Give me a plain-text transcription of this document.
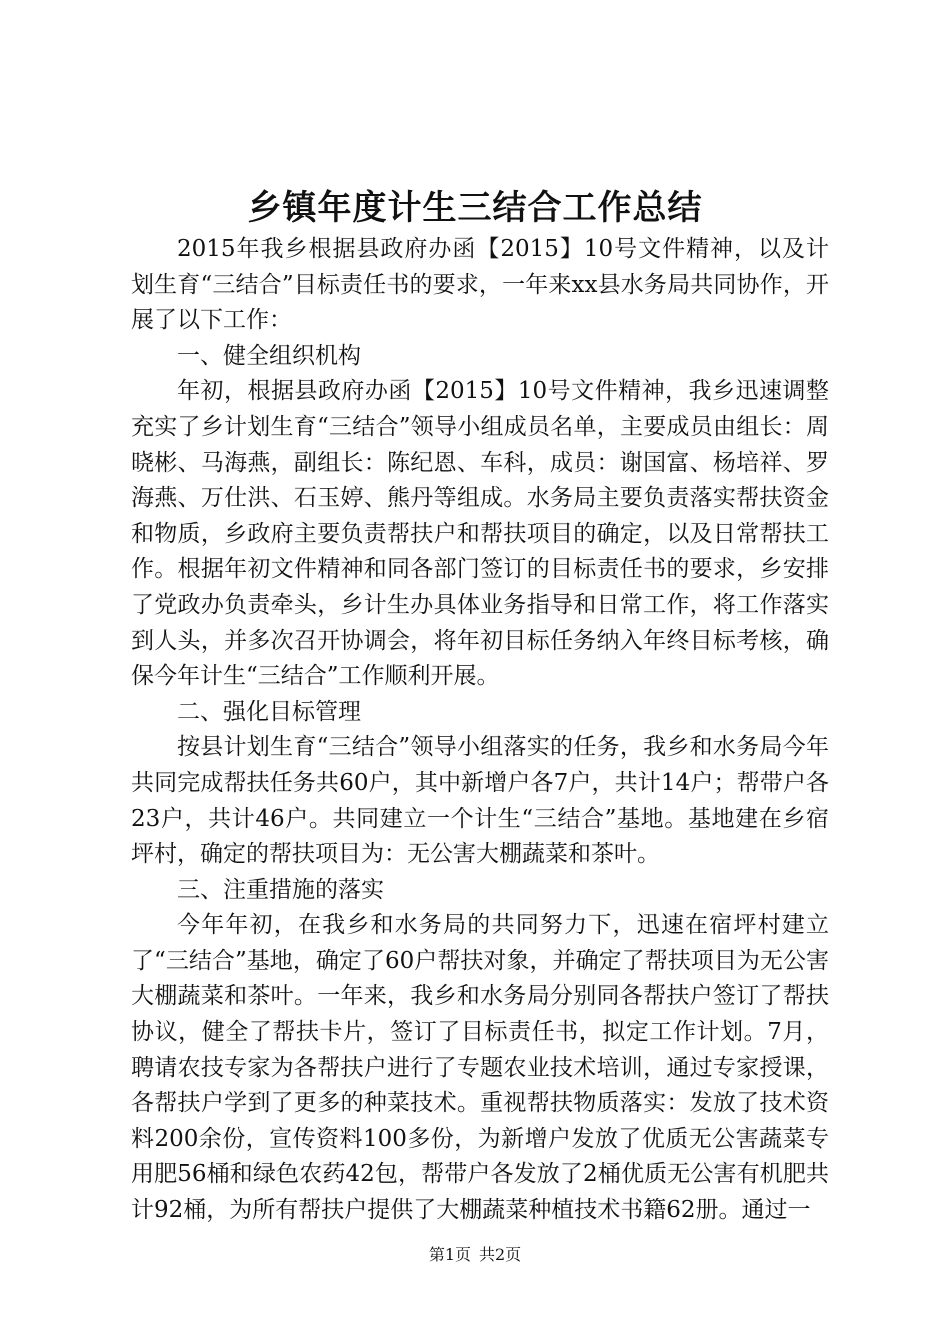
乡镇年度计生三结合工作总结

2015年我乡根据县政府办函【2015】10号文件精神，以及计划生育“三结合”目标责任书的要求，一年来xx县水务局共同协作，开展了以下工作：

一、健全组织机构

年初，根据县政府办函【2015】10号文件精神，我乡迅速调整充实了乡计划生育“三结合”领导小组成员名单，主要成员由组长：周晓彬、马海燕，副组长：陈纪恩、车科，成员：谢国富、杨培祥、罗海燕、万仕洪、石玉婷、熊丹等组成。水务局主要负责落实帮扶资金和物质，乡政府主要负责帮扶户和帮扶项目的确定，以及日常帮扶工作。根据年初文件精神和同各部门签订的目标责任书的要求，乡安排了党政办负责牵头，乡计生办具体业务指导和日常工作，将工作落实到人头，并多次召开协调会，将年初目标任务纳入年终目标考核，确保今年计生“三结合”工作顺利开展。

二、强化目标管理

按县计划生育“三结合”领导小组落实的任务，我乡和水务局今年共同完成帮扶任务共60户，其中新增户各7户，共计14户；帮带户各23户，共计46户。共同建立一个计生“三结合”基地。基地建在乡宿坪村，确定的帮扶项目为：无公害大棚蔬菜和茶叶。

三、注重措施的落实

今年年初，在我乡和水务局的共同努力下，迅速在宿坪村建立了“三结合”基地，确定了60户帮扶对象，并确定了帮扶项目为无公害大棚蔬菜和茶叶。一年来，我乡和水务局分别同各帮扶户签订了帮扶协议，健全了帮扶卡片，签订了目标责任书，拟定工作计划。7月，聘请农技专家为各帮扶户进行了专题农业技术培训，通过专家授课，各帮扶户学到了更多的种菜技术。重视帮扶物质落实：发放了技术资料200余份，宣传资料100多份，为新增户发放了优质无公害蔬菜专用肥56桶和绿色农药42包，帮带户各发放了2桶优质无公害有机肥共计92桶，为所有帮扶户提供了大棚蔬菜种植技术书籍62册。通过一

第1页 共2页
